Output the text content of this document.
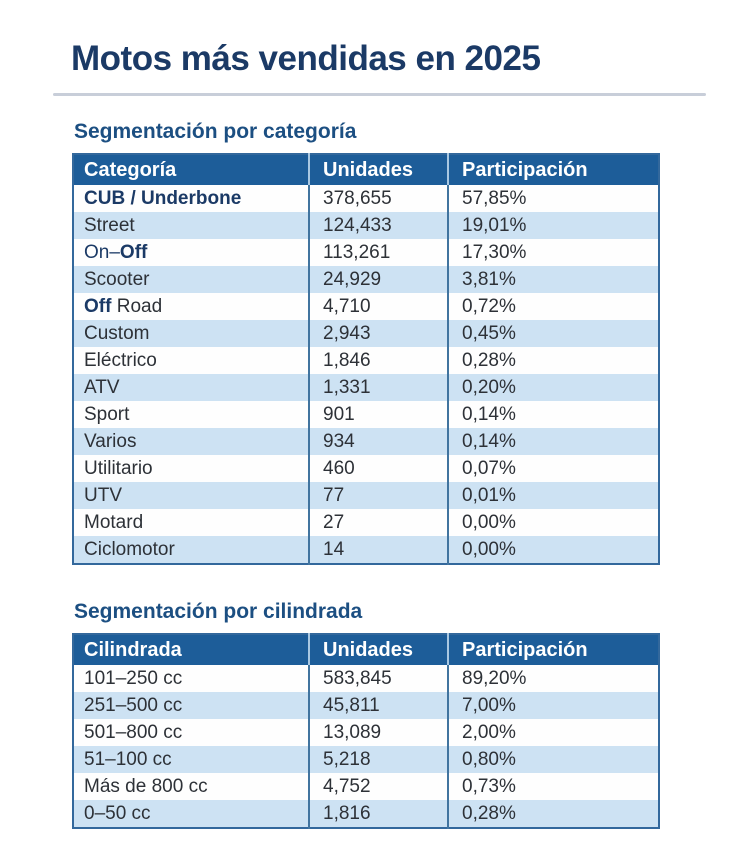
Motos más vendidas en 2025
Segmentación por categoría
Categoría	Unidades	Participación
CUB / Underbone	378,655	57,85%
Street	124,433	19,01%
On–Off	113,261	17,30%
Scooter	24,929	3,81%
Off Road	4,710	0,72%
Custom	2,943	0,45%
Eléctrico	1,846	0,28%
ATV	1,331	0,20%
Sport	901	0,14%
Varios	934	0,14%
Utilitario	460	0,07%
UTV	77	0,01%
Motard	27	0,00%
Ciclomotor	14	0,00%
Segmentación por cilindrada
Cilindrada	Unidades	Participación
101–250 cc	583,845	89,20%
251–500 cc	45,811	7,00%
501–800 cc	13,089	2,00%
51–100 cc	5,218	0,80%
Más de 800 cc	4,752	0,73%
0–50 cc	1,816	0,28%
